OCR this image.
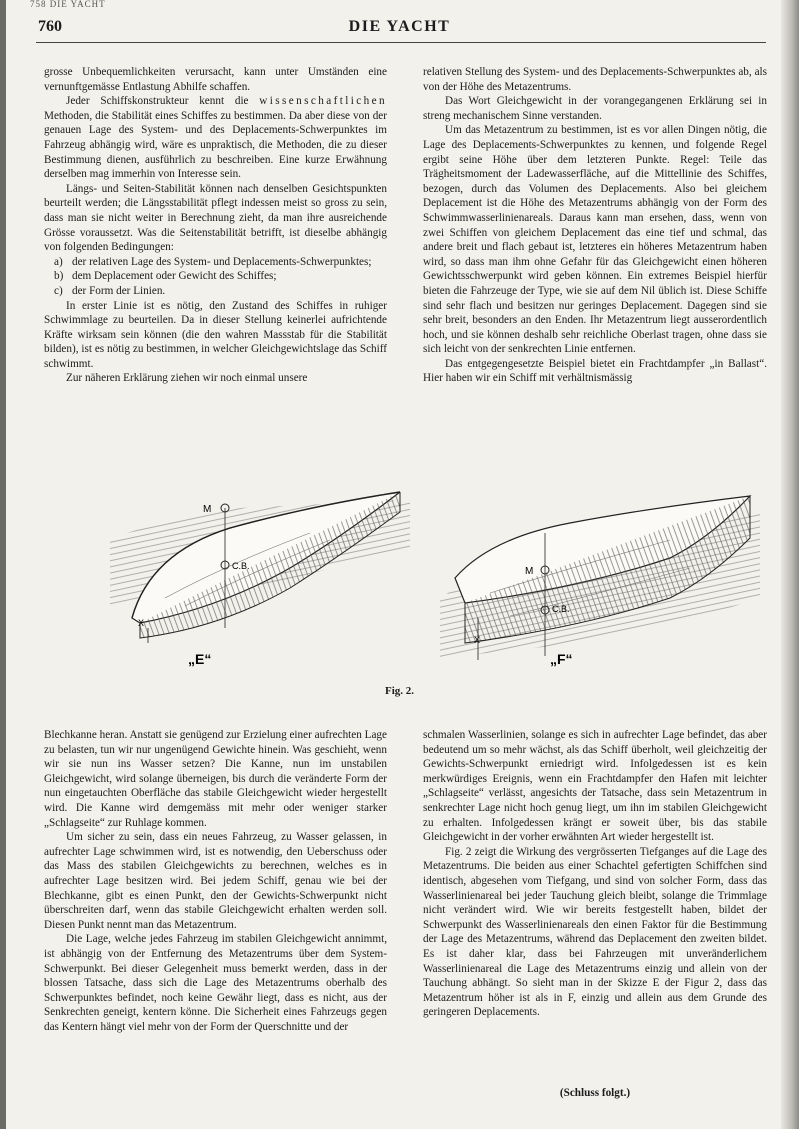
758 DIE YACHT
760	DIE YACHT

grosse Unbequemlichkeiten verursacht, kann unter Umständen eine vernunftgemässe Entlastung Abhilfe schaffen.

Jeder Schiffskonstrukteur kennt die wissenschaftlichen Methoden, die Stabilität eines Schiffes zu bestimmen. Da aber diese von der genauen Lage des System- und des Deplacements-Schwerpunktes im Fahrzeug abhängig wird, wäre es unpraktisch, die Methoden, die zu dieser Bestimmung dienen, ausführlich zu beschreiben. Eine kurze Erwähnung derselben mag immerhin von Interesse sein.

Längs- und Seiten-Stabilität können nach denselben Gesichtspunkten beurteilt werden; die Längsstabilität pflegt indessen meist so gross zu sein, dass man sie nicht weiter in Berechnung zieht, da man ihre ausreichende Grösse voraussetzt. Was die Seitenstabilität betrifft, ist dieselbe abhängig von folgenden Bedingungen:

a) der relativen Lage des System- und Deplacements-Schwerpunktes;
b) dem Deplacement oder Gewicht des Schiffes;
c) der Form der Linien.

In erster Linie ist es nötig, den Zustand des Schiffes in ruhiger Schwimmlage zu beurteilen. Da in dieser Stellung keinerlei aufrichtende Kräfte wirksam sein können (die den wahren Massstab für die Stabilität bilden), ist es nötig zu bestimmen, in welcher Gleichgewichtslage das Schiff schwimmt.

Zur näheren Erklärung ziehen wir noch einmal unsere

relativen Stellung des System- und des Deplacements-Schwerpunktes ab, als von der Höhe des Metazentrums.

Das Wort Gleichgewicht in der vorangegangenen Erklärung sei in streng mechanischem Sinne verstanden.

Um das Metazentrum zu bestimmen, ist es vor allen Dingen nötig, die Lage des Deplacements-Schwerpunktes zu kennen, und folgende Regel ergibt seine Höhe über dem letzteren Punkte. Regel: Teile das Trägheitsmoment der Ladewasserfläche, auf die Mittellinie des Schiffes, bezogen, durch das Volumen des Deplacements. Also bei gleichem Deplacement ist die Höhe des Metazentrums abhängig von der Form des Schwimmwasserlinienareals. Daraus kann man ersehen, dass, wenn von zwei Schiffen von gleichem Deplacement das eine tief und schmal, das andere breit und flach gebaut ist, letzteres ein höheres Metazentrum haben wird, so dass man ihm ohne Gefahr für das Gleichgewicht einen höheren Gewichtsschwerpunkt wird geben können. Ein extremes Beispiel hierfür bieten die Fahrzeuge der Type, wie sie auf dem Nil üblich ist. Diese Schiffe sind sehr flach und besitzen nur geringes Deplacement. Dagegen sind sie sehr breit, besonders an den Enden. Ihr Metazentrum liegt ausserordentlich hoch, und sie können deshalb sehr reichliche Oberlast tragen, ohne dass sie sich leicht von der senkrechten Linie entfernen.

Das entgegengesetzte Beispiel bietet ein Frachtdampfer „in Ballast“. Hier haben wir ein Schiff mit verhältnismässig

M
C.B.
X
„E“
M
C.B.
X
„F“
Fig. 2.

Blechkanne heran. Anstatt sie genügend zur Erzielung einer aufrechten Lage zu belasten, tun wir nur ungenügend Gewichte hinein. Was geschieht, wenn wir sie nun ins Wasser setzen? Die Kanne, nun im unstabilen Gleichgewicht, wird solange überneigen, bis durch die veränderte Form der nun eingetauchten Oberfläche das stabile Gleichgewicht wieder hergestellt wird. Die Kanne wird demgemäss mit mehr oder weniger starker „Schlagseite“ zur Ruhlage kommen.

Um sicher zu sein, dass ein neues Fahrzeug, zu Wasser gelassen, in aufrechter Lage schwimmen wird, ist es notwendig, den Ueberschuss oder das Mass des stabilen Gleichgewichts zu berechnen, welches es in aufrechter Lage besitzen wird. Bei jedem Schiff, genau wie bei der Blechkanne, gibt es einen Punkt, den der Gewichts-Schwerpunkt nicht überschreiten darf, wenn das stabile Gleichgewicht erhalten werden soll. Diesen Punkt nennt man das Metazentrum.

Die Lage, welche jedes Fahrzeug im stabilen Gleichgewicht annimmt, ist abhängig von der Entfernung des Metazentrums über dem System-Schwerpunkt. Bei dieser Gelegenheit muss bemerkt werden, dass in der blossen Tatsache, dass sich die Lage des Metazentrums oberhalb des Schwerpunktes befindet, noch keine Gewähr liegt, dass es nicht, aus der Senkrechten geneigt, kentern könne. Die Sicherheit eines Fahrzeugs gegen das Kentern hängt viel mehr von der Form der Querschnitte und der

schmalen Wasserlinien, solange es sich in aufrechter Lage befindet, das aber bedeutend um so mehr wächst, als das Schiff überholt, weil gleichzeitig der Gewichts-Schwerpunkt erniedrigt wird. Infolgedessen ist es kein merkwürdiges Ereignis, wenn ein Frachtdampfer den Hafen mit leichter „Schlagseite“ verlässt, angesichts der Tatsache, dass sein Metazentrum in senkrechter Lage nicht hoch genug liegt, um ihn im stabilen Gleichgewicht zu erhalten. Infolgedessen krängt er soweit über, bis das stabile Gleichgewicht in der vorher erwähnten Art wieder hergestellt ist.

Fig. 2 zeigt die Wirkung des vergrösserten Tiefganges auf die Lage des Metazentrums. Die beiden aus einer Schachtel gefertigten Schiffchen sind identisch, abgesehen vom Tiefgang, und sind von solcher Form, dass das Wasserlinienareal bei jeder Tauchung gleich bleibt, solange die Trimmlage nicht verändert wird. Wie wir bereits festgestellt haben, bildet der Schwerpunkt des Wasserlinienareals den einen Faktor für die Bestimmung der Lage des Metazentrums, während das Deplacement den zweiten bildet. Es ist daher klar, dass bei Fahrzeugen mit unveränderlichem Wasserlinienareal die Lage des Metazentrums einzig und allein von der Tauchung abhängt. So sieht man in der Skizze E der Figur 2, dass das Metazentrum höher ist als in F, einzig und allein aus dem Grunde des geringeren Deplacements.

(Schluss folgt.)
